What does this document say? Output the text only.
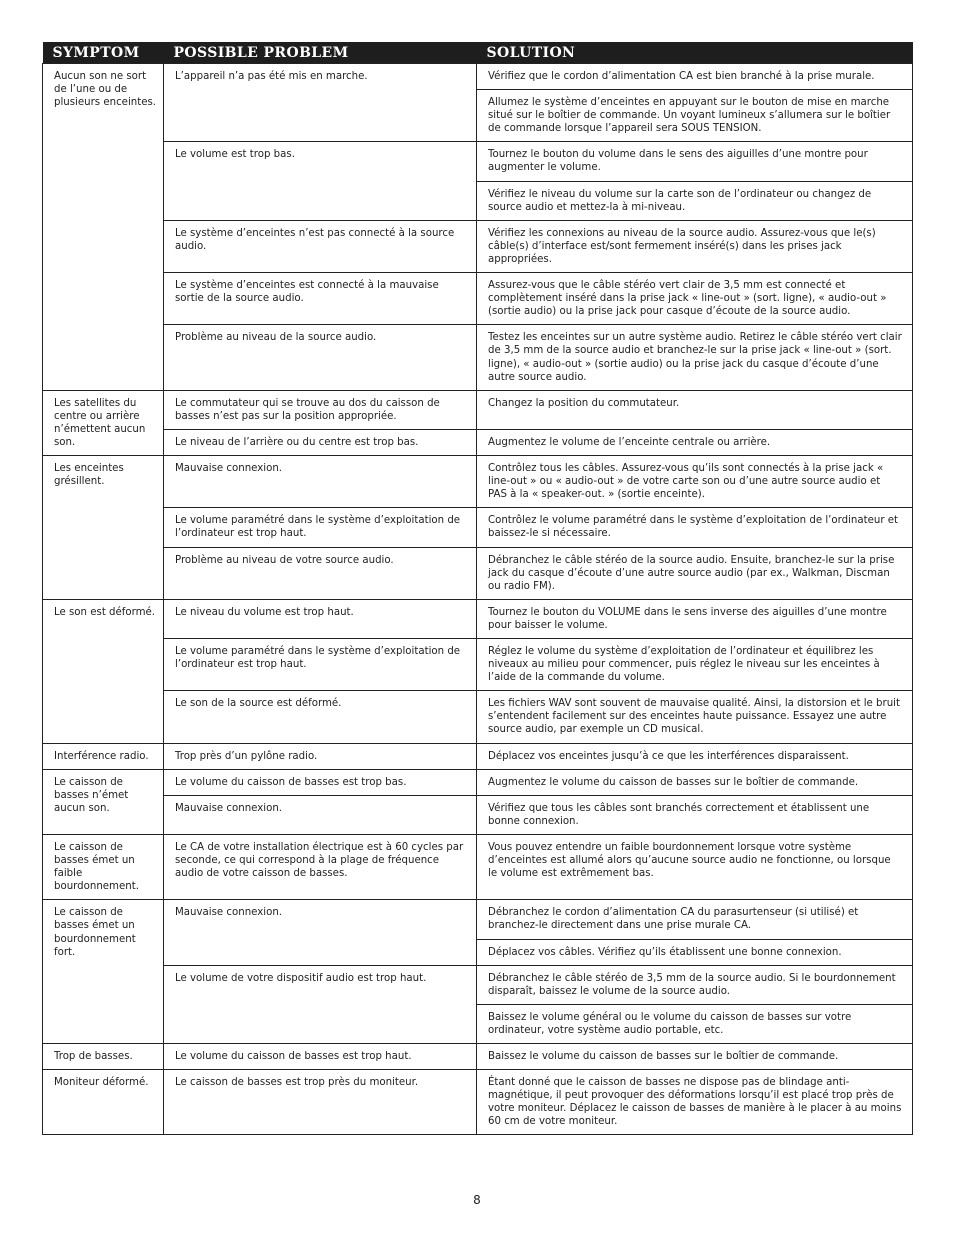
SYMPTOM	POSSIBLE PROBLEM	SOLUTION
Aucun son ne sort de l’une ou de plusieurs enceintes.	L’appareil n’a pas été mis en marche.	Vérifiez que le cordon d’alimentation CA est bien branché à la prise murale.
		Allumez le système d’enceintes en appuyant sur le bouton de mise en marche situé sur le boîtier de commande. Un voyant lumineux s’allumera sur le boîtier de commande lorsque l’appareil sera SOUS TENSION.
	Le volume est trop bas.	Tournez le bouton du volume dans le sens des aiguilles d’une montre pour augmenter le volume.
		Vérifiez le niveau du volume sur la carte son de l’ordinateur ou changez de source audio et mettez-la à mi-niveau.
	Le système d’enceintes n’est pas connecté à la source audio.	Vérifiez les connexions au niveau de la source audio. Assurez-vous que le(s) câble(s) d’interface est/sont fermement inséré(s) dans les prises jack appropriées.
	Le système d’enceintes est connecté à la mauvaise sortie de la source audio.	Assurez-vous que le câble stéréo vert clair de 3,5 mm est connecté et complètement inséré dans la prise jack « line-out » (sort. ligne), « audio-out » (sortie audio) ou la prise jack pour casque d’écoute de la source audio.
	Problème au niveau de la source audio.	Testez les enceintes sur un autre système audio. Retirez le câble stéréo vert clair de 3,5 mm de la source audio et branchez-le sur la prise jack « line-out » (sort. ligne), « audio-out » (sortie audio) ou la prise jack du casque d’écoute d’une autre source audio.
Les satellites du centre ou arrière n’émettent aucun son.	Le commutateur qui se trouve au dos du caisson de basses n’est pas sur la position appropriée.	Changez la position du commutateur.
	Le niveau de l’arrière ou du centre est trop bas.	Augmentez le volume de l’enceinte centrale ou arrière.
Les enceintes grésillent.	Mauvaise connexion.	Contrôlez tous les câbles. Assurez-vous qu’ils sont connectés à la prise jack « line-out » ou « audio-out » de votre carte son ou d’une autre source audio et PAS à la « speaker-out. » (sortie enceinte).
	Le volume paramétré dans le système d’exploitation de l’ordinateur est trop haut.	Contrôlez le volume paramétré dans le système d’exploitation de l’ordinateur et baissez-le si nécessaire.
	Problème au niveau de votre source audio.	Débranchez le câble stéréo de la source audio. Ensuite, branchez-le sur la prise jack du casque d’écoute d’une autre source audio (par ex., Walkman, Discman ou radio FM).
Le son est déformé.	Le niveau du volume est trop haut.	Tournez le bouton du VOLUME dans le sens inverse des aiguilles d’une montre pour baisser le volume.
	Le volume paramétré dans le système d’exploitation de l’ordinateur est trop haut.	Réglez le volume du système d’exploitation de l’ordinateur et équilibrez les niveaux au milieu pour commencer, puis réglez le niveau sur les enceintes à l’aide de la commande du volume.
	Le son de la source est déformé.	Les fichiers WAV sont souvent de mauvaise qualité. Ainsi, la distorsion et le bruit s’entendent facilement sur des enceintes haute puissance. Essayez une autre source audio, par exemple un CD musical.
Interférence radio.	Trop près d’un pylône radio.	Déplacez vos enceintes jusqu’à ce que les interférences disparaissent.
Le caisson de basses n’émet aucun son.	Le volume du caisson de basses est trop bas.	Augmentez le volume du caisson de basses sur le boîtier de commande.
	Mauvaise connexion.	Vérifiez que tous les câbles sont branchés correctement et établissent une bonne connexion.
Le caisson de basses émet un faible bourdonnement.	Le CA de votre installation électrique est à 60 cycles par seconde, ce qui correspond à la plage de fréquence audio de votre caisson de basses.	Vous pouvez entendre un faible bourdonnement lorsque votre système d’enceintes est allumé alors qu’aucune source audio ne fonctionne, ou lorsque le volume est extrêmement bas.
Le caisson de basses émet un bourdonnement fort.	Mauvaise connexion.	Débranchez le cordon d’alimentation CA du parasurtenseur (si utilisé) et branchez-le directement dans une prise murale CA.
		Déplacez vos câbles. Vérifiez qu’ils établissent une bonne connexion.
	Le volume de votre dispositif audio est trop haut.	Débranchez le câble stéréo de 3,5 mm de la source audio. Si le bourdonnement disparaît, baissez le volume de la source audio.
		Baissez le volume général ou le volume du caisson de basses sur votre ordinateur, votre système audio portable, etc.
Trop de basses.	Le volume du caisson de basses est trop haut.	Baissez le volume du caisson de basses sur le boîtier de commande.
Moniteur déformé.	Le caisson de basses est trop près du moniteur.	Étant donné que le caisson de basses ne dispose pas de blindage anti-magnétique, il peut provoquer des déformations lorsqu’il est placé trop près de votre moniteur. Déplacez le caisson de basses de manière à le placer à au moins 60 cm de votre moniteur.
8
